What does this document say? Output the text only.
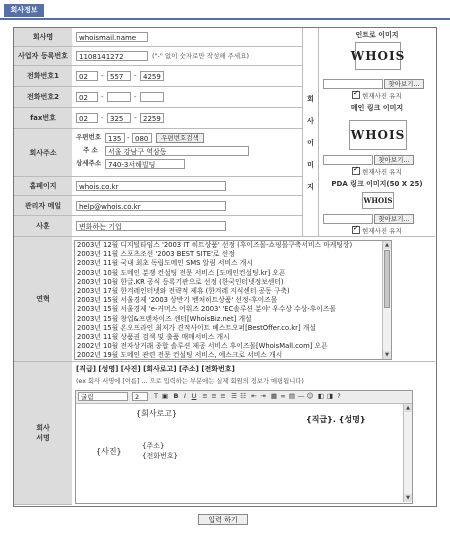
회사정보
회사명
사업자 등록번호
전화번호1
전화번호2
fax번호
회사주소
홈페이지
관리자 메일
사훈
연혁
회사
서명
whoismail.name
1108141272	("-" 없이 숫자로만 작성해 주세요)
02	- 557	- 4259
02	-	-
02	- 325	- 2259
우편번호 135 - 080	우편번호검색
주 소	서울 강남구 역삼동
상세주소 740-3서해빌딩
whois.co.kr
help@whois.co.kr
변화하는 기업
회사이미지
인트로 이미지
WHOIS
찾아보기...
✓현재사진 유지
메인 링크 이미지
WHOIS
찾아보기...
✓현재사진 유지
PDA 링크 이미지(50 X 25)
WHOIS
찾아보기...
✓현재사진 유지
2003년 12월 디지털타임스 '2003 IT 히트상품' 선정 (후이즈몰-쇼핑몰구축서비스 마케팅상)
2003년 11월 스포츠조선 '2003 BEST SITE'로 선정
2003년 11월 국내 최초 독립도메인 SMS 알림 서비스 개시
2003년 10월 도메인 분쟁 컨설팅 전문 서비스 [도메인컨설팅.kr] 오픈
2003년 10월 한글.KR 공식 등록기관으로 선정 (한국인터넷정보센터)
2003년 17월 한겨레인터넷와 전략적 제휴 (한겨레 지식센터 공동 구축)
2003년 15월 서울경제 '2003 상반기 벤처히트상품' 선정-후이즈몰
2003년 15월 서울경제 'e-커머스 어워즈 2003' 'EC솔루션 분야' 우수상 수상-후이즈몰
2003년 15월 창업&프랜차이즈 센터[WhoisBiz.net] 개설
2003년 15월 온오프라인 최저가 견적사이트 베스트오퍼[BestOffer.co.kr] 개설
2003년 11월 상품권 검색 및 출품 매매서비스 개시
2002년 10월 전자상거래 종합 솔루션 제공 서비스 후이즈몰[WhoisMall.com] 오픈
2002년 19월 도메인 관련 전문 컨설팅 서비스, 에스크로 서비스 개시
▲
▼
[직급] [성명] [사진] [회사로고] [주소] [전화번호]
(ex 회사 서명에 [이름] ... 으로 입력하는 부분에는 실제 회원의 정보가 매핑됩니다)
굴림	2	T ▣ B I U ≡ ≡ ≡ ☰ ☷ ⇤ ⇥ ▦ ∞ ▤ ― ☺ ◧ ◨ ?
{회사로고}
{직급}. {성명}
{사진}
{주소}
{전화번호}
▲
▼
입력 하기
